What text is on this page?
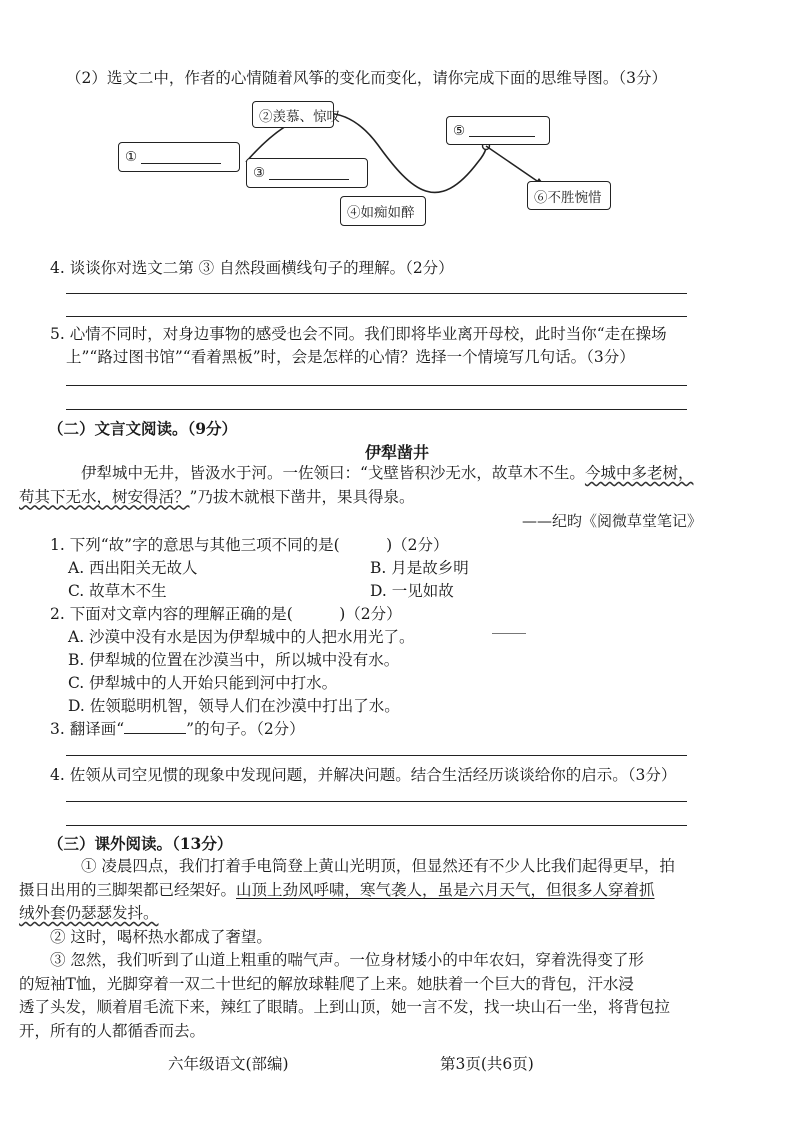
（2）选文二中，作者的心情随着风筝的变化而变化，请你完成下面的思维导图。（3分）
①
②羡慕、惊叹
③
④如痴如醉
⑤
⑥不胜惋惜
4. 谈谈你对选文二第 ③ 自然段画横线句子的理解。（2分）
5. 心情不同时，对身边事物的感受也会不同。我们即将毕业离开母校，此时当你“走在操场
上”“路过图书馆”“看着黑板”时，会是怎样的心情？选择一个情境写几句话。（3分）
（二）文言文阅读。（9分）
伊犁凿井
伊犁城中无井，皆汲水于河。一佐领曰：“戈壁皆积沙无水，故草木不生。今城中多老树，
苟其下无水，树安得活？”乃拔木就根下凿井，果具得泉。
——纪昀《阅微草堂笔记》
1. 下列“故”字的意思与其他三项不同的是(　　　)（2分）
A. 西出阳关无故人	B. 月是故乡明
C. 故草木不生	D. 一见如故
2. 下面对文章内容的理解正确的是(　　　)（2分）
A. 沙漠中没有水是因为伊犁城中的人把水用光了。
B. 伊犁城的位置在沙漠当中，所以城中没有水。
C. 伊犁城中的人开始只能到河中打水。
D. 佐领聪明机智，领导人们在沙漠中打出了水。
3. 翻译画“	”的句子。（2分）
4. 佐领从司空见惯的现象中发现问题，并解决问题。结合生活经历谈谈给你的启示。（3分）
（三）课外阅读。（13分）
① 凌晨四点，我们打着手电筒登上黄山光明顶，但显然还有不少人比我们起得更早，拍
摄日出用的三脚架都已经架好。山顶上劲风呼啸，寒气袭人，虽是六月天气，但很多人穿着抓
绒外套仍瑟瑟发抖。
② 这时，喝杯热水都成了奢望。
③ 忽然，我们听到了山道上粗重的喘气声。一位身材矮小的中年农妇，穿着洗得变了形
的短袖T恤，光脚穿着一双二十世纪的解放球鞋爬了上来。她肤着一个巨大的背包，汗水浸
透了头发，顺着眉毛流下来，辣红了眼睛。上到山顶，她一言不发，找一块山石一坐，将背包拉
开，所有的人都循香而去。
六年级语文(部编)	第3页(共6页)
